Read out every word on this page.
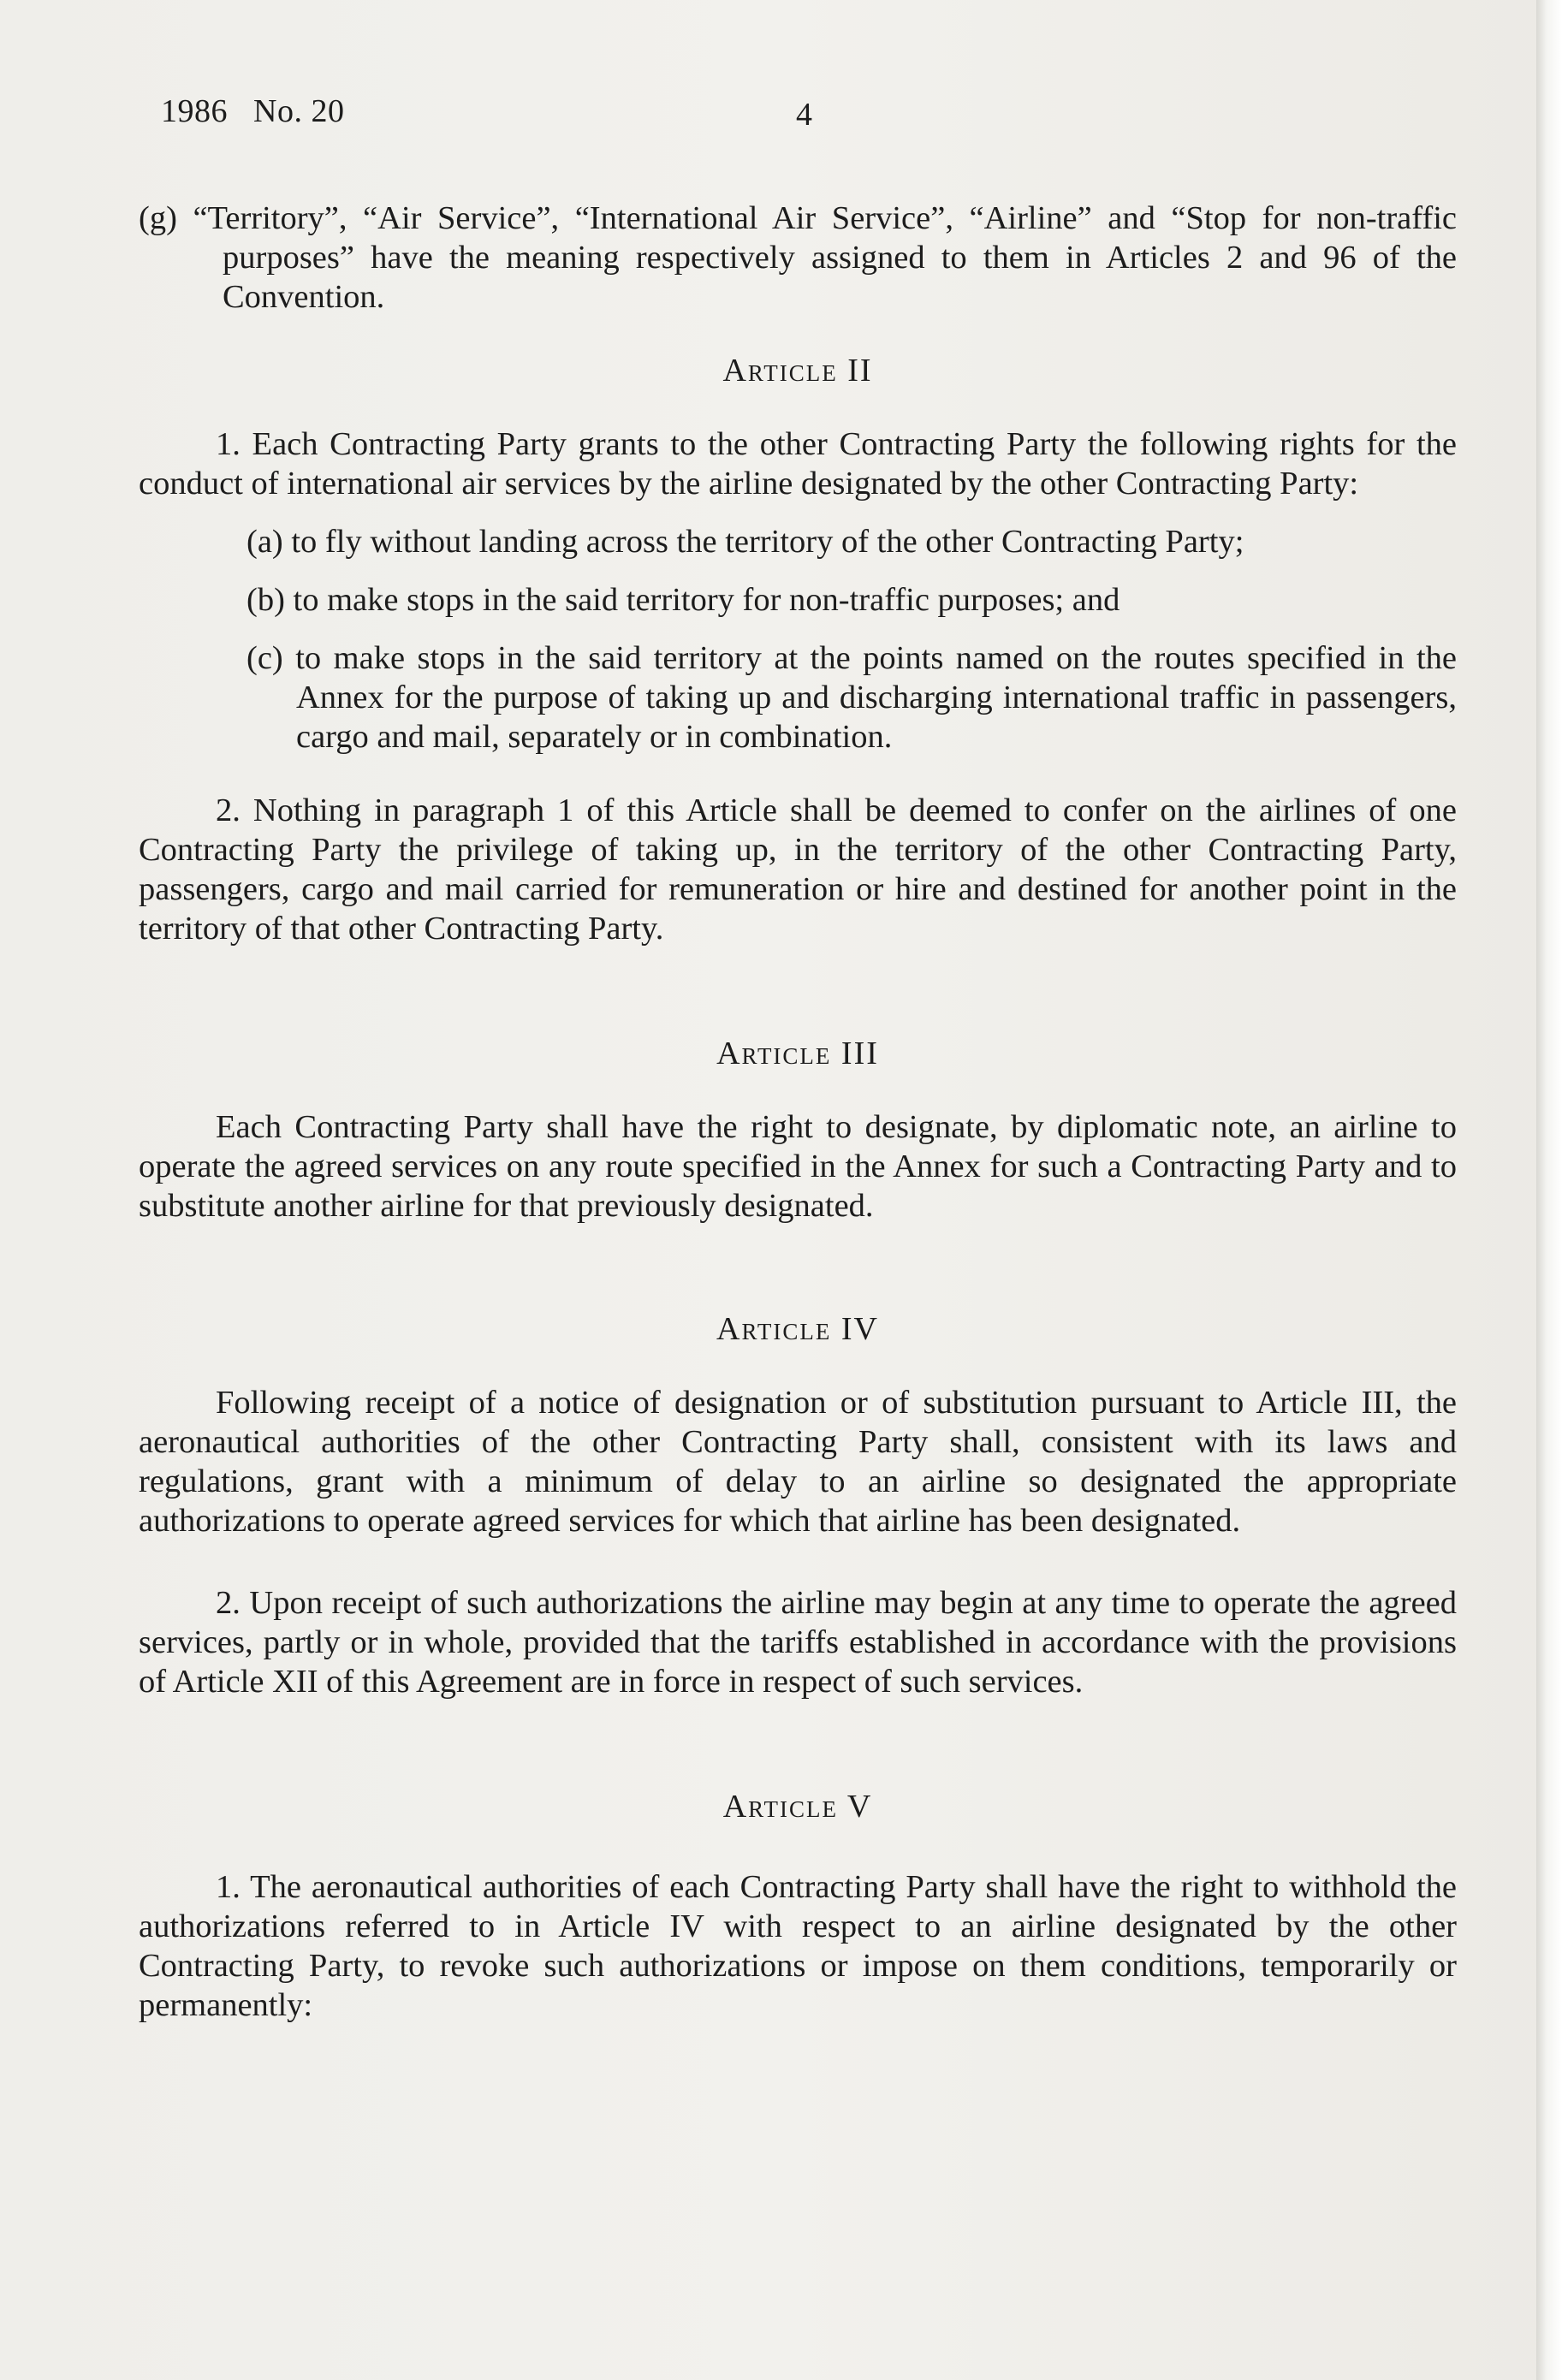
1986   No. 20	4

(g) “Territory”, “Air Service”, “International Air Service”, “Airline” and “Stop for non-traffic purposes” have the meaning respectively assigned to them in Articles 2 and 96 of the Convention.

Article II

1. Each Contracting Party grants to the other Contracting Party the following rights for the conduct of international air services by the airline designated by the other Contracting Party:

(a) to fly without landing across the territory of the other Contracting Party;

(b) to make stops in the said territory for non-traffic purposes; and

(c) to make stops in the said territory at the points named on the routes specified in the Annex for the purpose of taking up and discharging international traffic in passengers, cargo and mail, separately or in combination.

2. Nothing in paragraph 1 of this Article shall be deemed to confer on the airlines of one Contracting Party the privilege of taking up, in the territory of the other Contracting Party, passengers, cargo and mail carried for remuneration or hire and destined for another point in the territory of that other Contracting Party.

Article III

Each Contracting Party shall have the right to designate, by diplomatic note, an airline to operate the agreed services on any route specified in the Annex for such a Contracting Party and to substitute another airline for that previously designated.

Article IV

Following receipt of a notice of designation or of substitution pursuant to Article III, the aeronautical authorities of the other Contracting Party shall, consistent with its laws and regulations, grant with a minimum of delay to an airline so designated the appropriate authorizations to operate agreed services for which that airline has been designated.

2. Upon receipt of such authorizations the airline may begin at any time to operate the agreed services, partly or in whole, provided that the tariffs established in accordance with the provisions of Article XII of this Agreement are in force in respect of such services.

Article V

1. The aeronautical authorities of each Contracting Party shall have the right to withhold the authorizations referred to in Article IV with respect to an airline designated by the other Contracting Party, to revoke such authorizations or impose on them conditions, temporarily or permanently:
